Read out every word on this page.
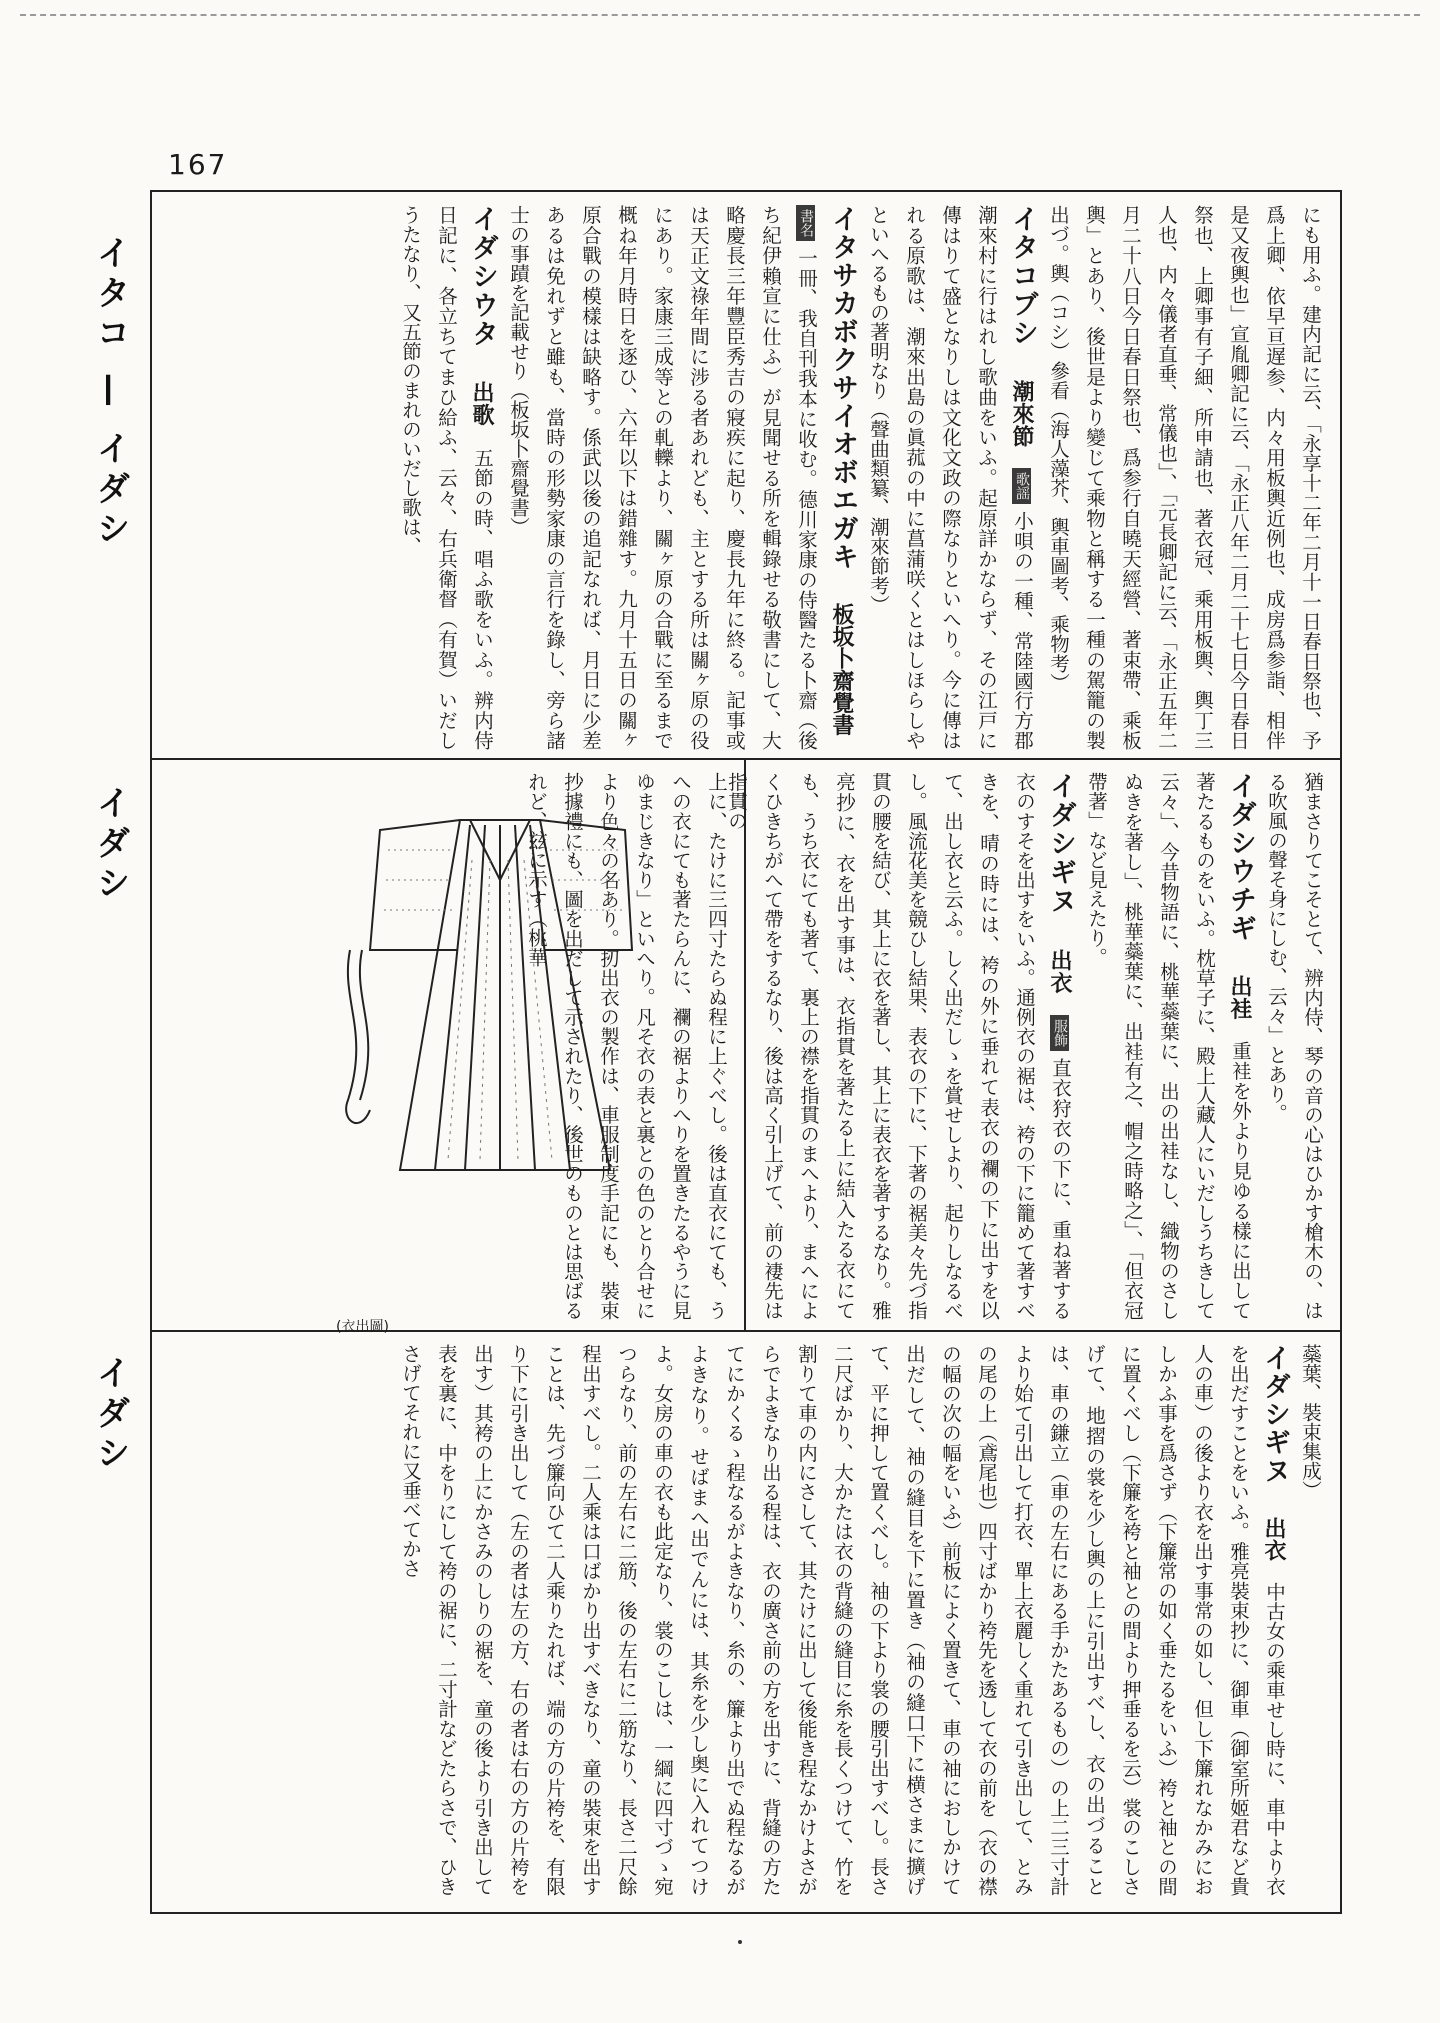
167
イタコ — イダシ
イダシ
イダシ

にも用ふ。建内記に云、「永享十二年二月十一日春日祭也、予爲上卿、依早亘遅参、内々用板輿近例也、成房爲参詣、相伴是又夜輿也」宣胤卿記に云、「永正八年二月二十七日今日春日祭也、上卿事有子細、所申請也、著衣冠、乘用板輿、輿丁三人也、内々儀者直垂、常儀也」、「元長卿記に云、「永正五年二月二十八日今日春日祭也、爲参行自曉天經營、著束帶、乘板輿」とあり、後世是より變じて乘物と稱する一種の駕籠の製出づ。輿（コシ）參看（海人藻芥、輿車圖考、乘物考）

イタコブシ 潮來節 歌謡 小唄の一種、常陸國行方郡潮來村に行はれし歌曲をいふ。起原詳かならず、その江戸に傳はりて盛となりしは文化文政の際なりといへり。今に傳はれる原歌は、潮來出島の眞菰の中に菖蒲咲くとはしほらしやといへるもの著明なり（聲曲類纂、潮來節考）

イタサカボクサイオボエガキ 板坂卜齋覺書 書名 一冊、我自刊我本に收む。德川家康の侍醫たる卜齋（後ち紀伊賴宣に仕ふ）が見聞せる所を輯錄せる敬書にして、大略慶長三年豐臣秀吉の寢疾に起り、慶長九年に終る。記事或は天正文祿年間に涉る者あれども、主とする所は關ヶ原の役にあり。家康三成等との軋轢より、關ヶ原の合戰に至るまで概ね年月時日を逐ひ、六年以下は錯雜す。九月十五日の關ヶ原合戰の模樣は缺略す。係武以後の追記なれば、月日に少差あるは免れずと雖も、當時の形勢家康の言行を錄し、旁ら諸士の事蹟を記載せり（板坂卜齋覺書）

イダシウタ 出歌 五節の時、唱ふ歌をいふ。辨内侍日記に、各立ちてまひ給ふ、云々、右兵衛督（有賀）いだしうたなり、又五節のまれのいだし歌は、

猶まさりてこそとて、辨内侍、琴の音の心はひかす槍木の、はる吹風の聲そ身にしむ、云々」とあり。

イダシウチギ 出袿 重袿を外より見ゆる樣に出して著たるものをいふ。枕草子に、殿上人藏人にいだしうちきして云々」、今昔物語に、桃華蘂葉に、出の出袿なし、織物のさしぬきを著し」、桃華蘂葉に、出袿有之、帽之時略之」、「但衣冠帶著」など見えたり。

イダシギヌ 出衣 服飾 直衣狩衣の下に、重ね著する衣のすそを出すをいふ。通例衣の裾は、袴の下に籠めて著すべきを、晴の時には、袴の外に垂れて表衣の襴の下に出すを以て、出し衣と云ふ。しく出だしゝを賞せしより、起りしなるべし。風流花美を競ひし結果、表衣の下に、下著の裾美々先づ指貫の腰を結び、其上に衣を著し、其上に表衣を著するなり。雅亮抄に、衣を出す事は、衣指貫を著たる上に結入たる衣にても、うち衣にても著て、裏上の襟を指貫のまへより、まへによくひきちがへて帶をするなり、後は高く引上げて、前の褄先は指貫の

上に、たけに三四寸たらぬ程に上ぐべし。後は直衣にても、うへの衣にても著たらんに、襴の裾よりへりを置きたるやうに見ゆまじきなり」といへり。凡そ衣の表と裏との色のとり合せにより色々の名あり。扨出衣の製作は、車服制度手記にも、裝束抄據禮にも、圖を出だして示されたり、後世のものとは思ばるれど、玆に示す（桃華

(衣出圖)

蘂葉、裝束集成）

イダシギヌ 出衣 中古女の乘車せし時に、車中より衣を出だすことをいふ。雅亮裝束抄に、御車（御室所姬君など貴人の車）の後より衣を出す事常の如し、但し下簾れなかみにおしかふ事を爲さず（下簾常の如く垂たるをいふ）袴と袖との間に置くべし（下簾を袴と袖との間より押垂るを云）裳のこしさげて、地摺の裳を少し輿の上に引出すべし、衣の出づることは、車の鎌立（車の左右にある手かたあるもの）の上二三寸計より始て引出して打衣、單上衣麗しく重れて引き出して、とみの尾の上（鳶尾也）四寸ばかり袴先を透して衣の前を（衣の襟の幅の次の幅をいふ）前板によく置きて、車の袖におしかけて出だして、袖の縫目を下に置き（袖の縫口下に横さまに擴げて、平に押して置くべし。袖の下より裳の腰引出すべし。長さ二尺ばかり、大かたは衣の背縫の縫目に糸を長くつけて、竹を割りて車の内にさして、其たけに出して後能き程なかけよさがらでよきなり出る程は、衣の廣さ前の方を出すに、背縫の方たてにかくるゝ程なるがよきなり、糸の、簾より出でぬ程なるがよきなり。せばまへ出でんには、其糸を少し奥に入れてつけよ。女房の車の衣も此定なり、裳のこしは、一綱に四寸づゝ宛つらなり、前の左右に二筋、後の左右に二筋なり、長さ二尺餘程出すべし。二人乘は口ばかり出すべきなり、童の裝束を出すことは、先づ簾向ひて二人乘りたれば、端の方の片袴を、有限り下に引き出して（左の者は左の方、右の者は右の方の片袴を出す）其袴の上にかさみのしりの裾を、童の後より引き出して表を裏に、中をりにして袴の裾に、二寸計などたらさで、ひきさげてそれに又垂べてかさ
